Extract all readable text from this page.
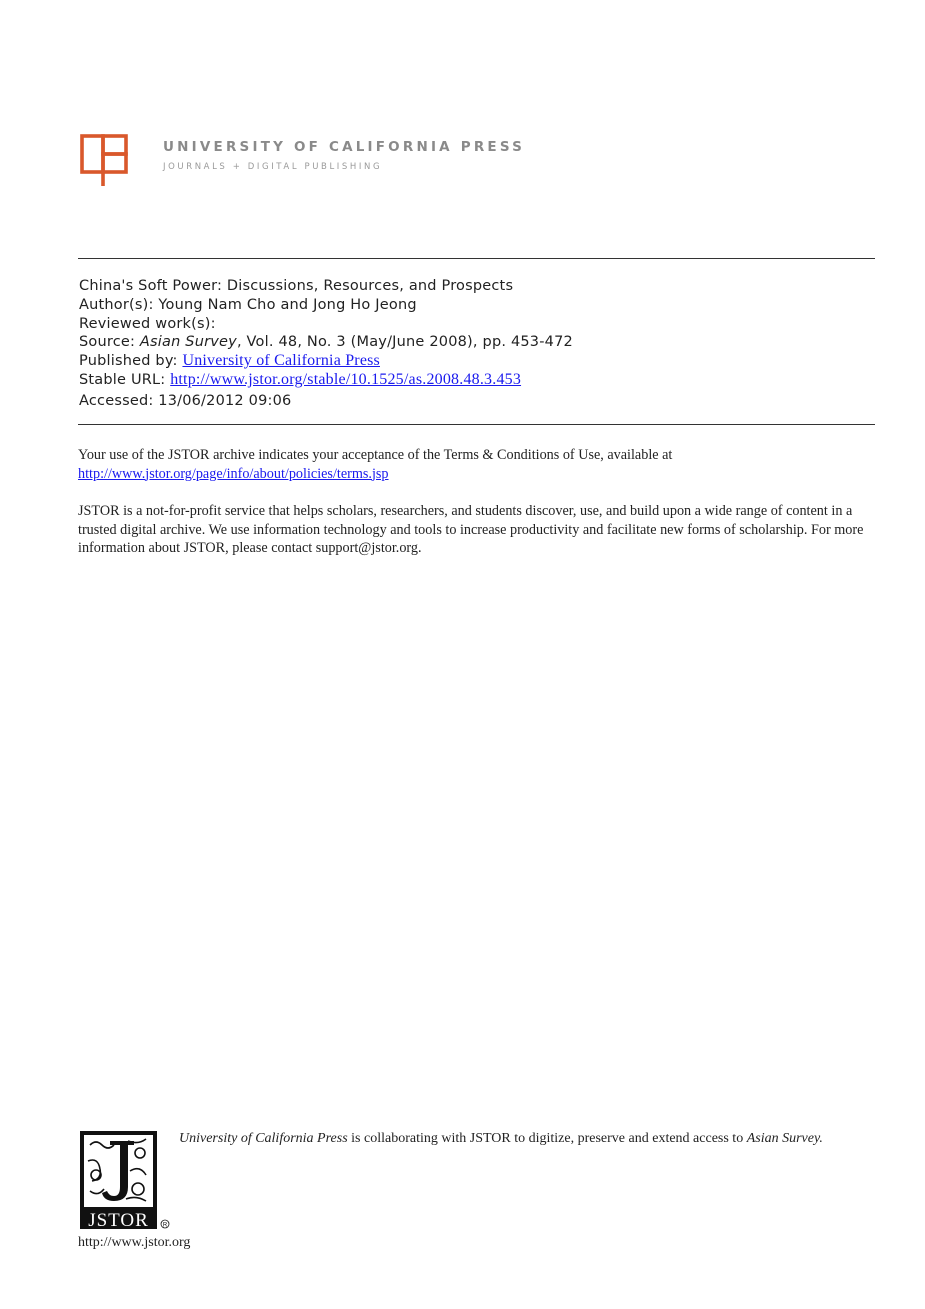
UNIVERSITY OF CALIFORNIA PRESS
JOURNALS + DIGITAL PUBLISHING
China's Soft Power: Discussions, Resources, and Prospects
Author(s): Young Nam Cho and Jong Ho Jeong
Reviewed work(s):
Source: Asian Survey, Vol. 48, No. 3 (May/June 2008), pp. 453-472
Published by: University of California Press
Stable URL: http://www.jstor.org/stable/10.1525/as.2008.48.3.453
Accessed: 13/06/2012 09:06
Your use of the JSTOR archive indicates your acceptance of the Terms & Conditions of Use, available at
http://www.jstor.org/page/info/about/policies/terms.jsp
JSTOR is a not-for-profit service that helps scholars, researchers, and students discover, use, and build upon a wide range of content in a trusted digital archive. We use information technology and tools to increase productivity and facilitate new forms of scholarship. For more information about JSTOR, please contact support@jstor.org.
JSTOR R
University of California Press is collaborating with JSTOR to digitize, preserve and extend access to Asian Survey.
http://www.jstor.org
